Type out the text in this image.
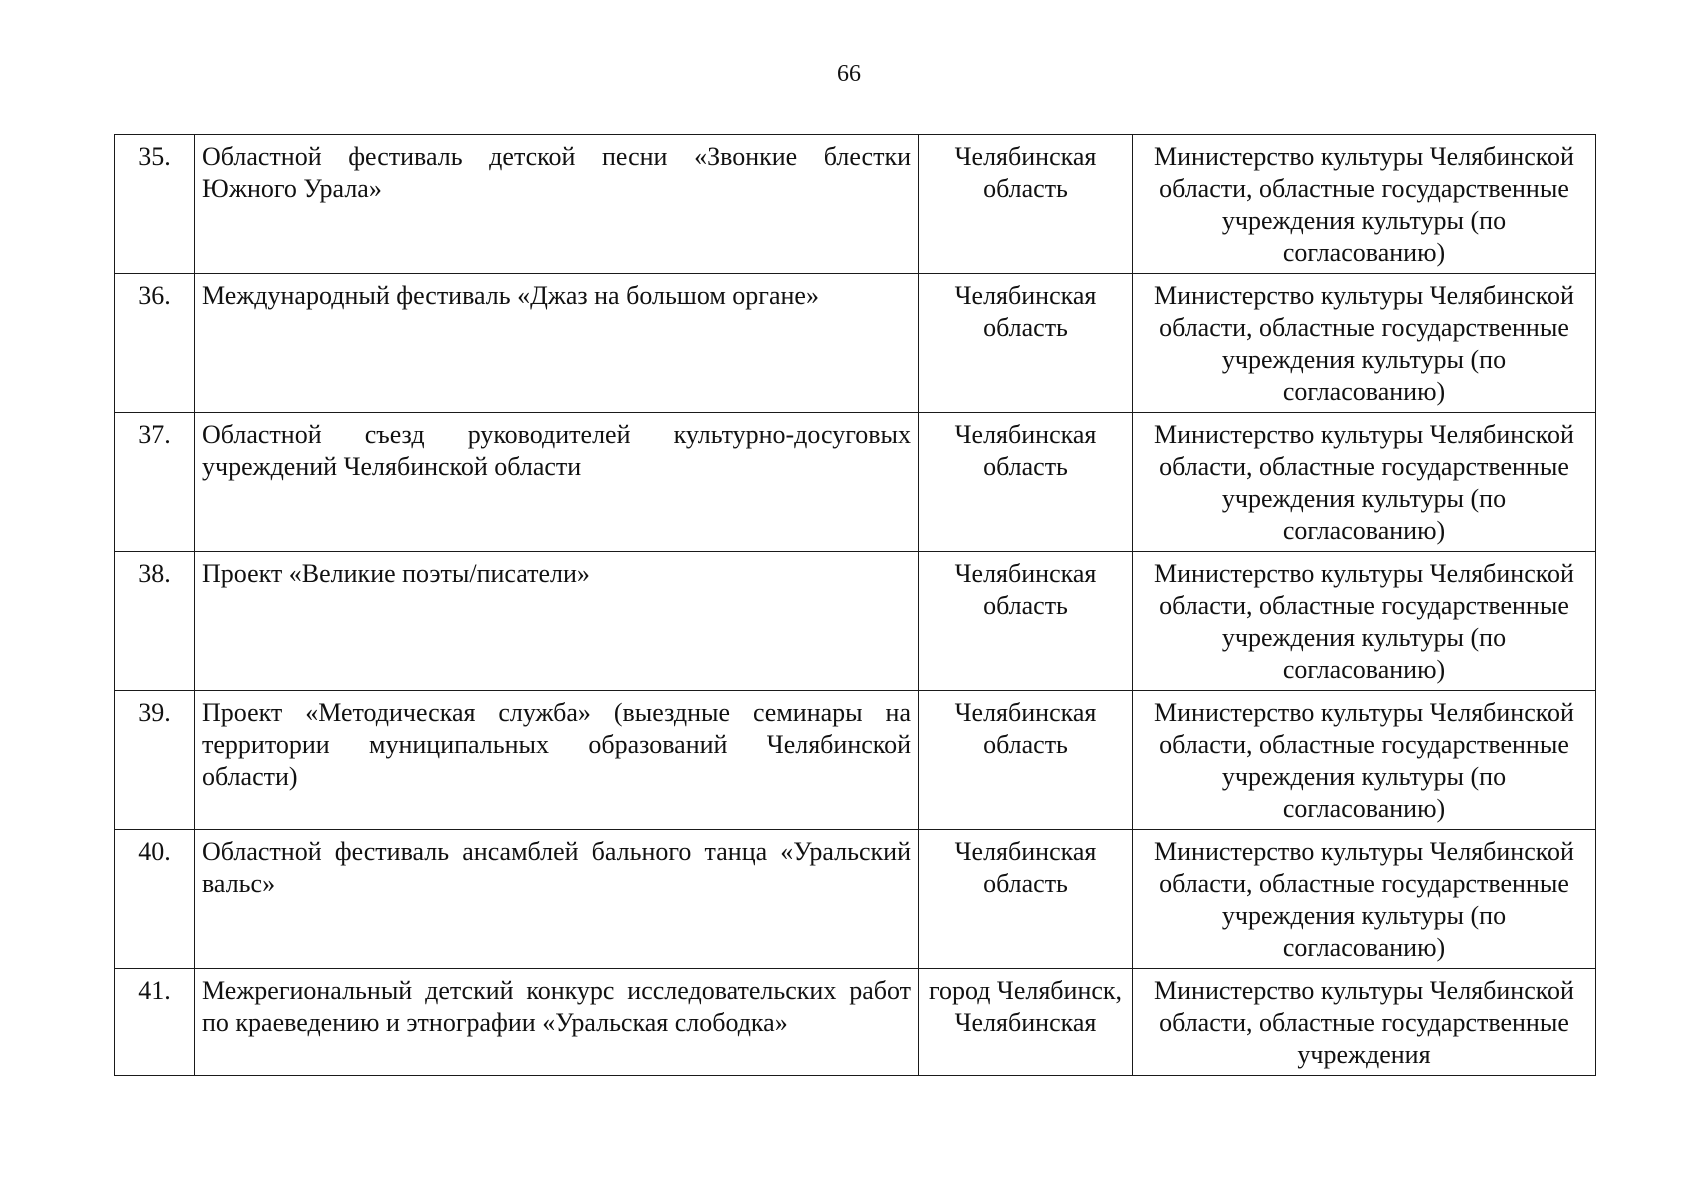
66
35.	Областной фестиваль детской песни «Звонкие блестки Южного Урала»	Челябинская область	Министерство культуры Челябинской области, областные государственные учреждения культуры (по согласованию)
36.	Международный фестиваль «Джаз на большом органе»	Челябинская область	Министерство культуры Челябинской области, областные государственные учреждения культуры (по согласованию)
37.	Областной съезд руководителей культурно-досуговых учреждений Челябинской области	Челябинская область	Министерство культуры Челябинской области, областные государственные учреждения культуры (по согласованию)
38.	Проект «Великие поэты/писатели»	Челябинская область	Министерство культуры Челябинской области, областные государственные учреждения культуры (по согласованию)
39.	Проект «Методическая служба» (выездные семинары на территории муниципальных образований Челябинской области)	Челябинская область	Министерство культуры Челябинской области, областные государственные учреждения культуры (по согласованию)
40.	Областной фестиваль ансамблей бального танца «Уральский вальс»	Челябинская область	Министерство культуры Челябинской области, областные государственные учреждения культуры (по согласованию)
41.	Межрегиональный детский конкурс исследовательских работ по краеведению и этнографии «Уральская слободка»	город Челябинск, Челябинская	Министерство культуры Челябинской области, областные государственные учреждения
